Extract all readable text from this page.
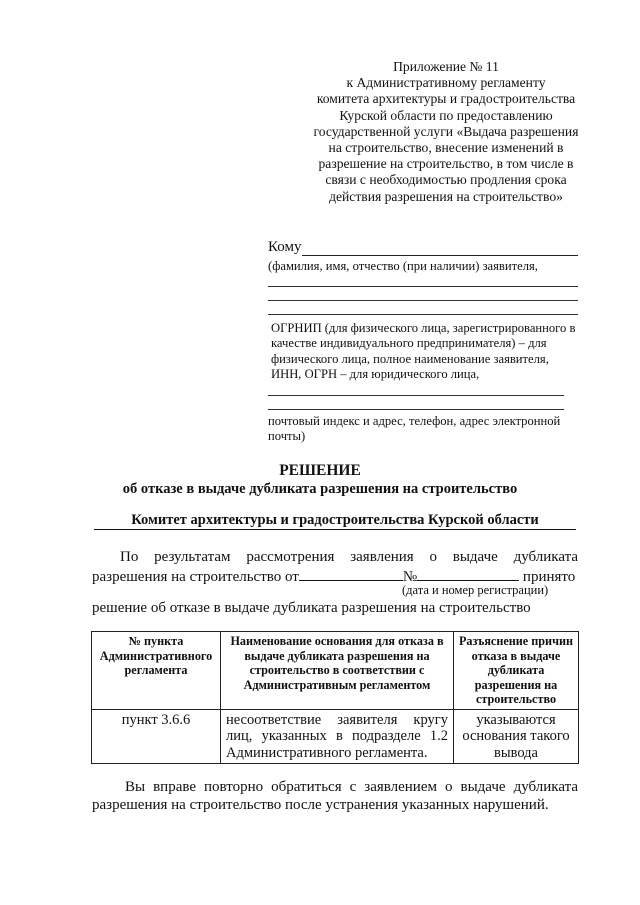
Приложение № 11
к Административному регламенту
комитета архитектуры и градостроительства
Курской области по предоставлению
государственной услуги «Выдача разрешения
на строительство, внесение изменений в
разрешение на строительство, в том числе в
связи с необходимостью продления срока
действия разрешения на строительство»
Кому

(фамилия, имя, отчество (при наличии) заявителя,

ОГРНИП (для физического лица, зарегистрированного в качестве индивидуального предпринимателя) – для физического лица, полное наименование заявителя, ИНН, ОГРН – для юридического лица,

почтовый индекс и адрес, телефон, адрес электронной почты)

РЕШЕНИЕ
об отказе в выдаче дубликата разрешения на строительство
Комитет архитектуры и градостроительства Курской области
По результатам рассмотрения заявления о выдаче дубликата разрешения на строительство от	№	принято
(дата и номер регистрации)
решение об отказе в выдаче дубликата разрешения на строительство
№ пункта Административного регламента	Наименование основания для отказа в выдаче дубликата разрешения на строительство в соответствии с Административным регламентом	Разъяснение причин отказа в выдаче дубликата разрешения на строительство
пункт 3.6.6	несоответствие заявителя кругу лиц, указанных в подразделе 1.2 Административного регламента.	указываются основания такого вывода
Вы вправе повторно обратиться с заявлением о выдаче дубликата разрешения на строительство после устранения указанных нарушений.
